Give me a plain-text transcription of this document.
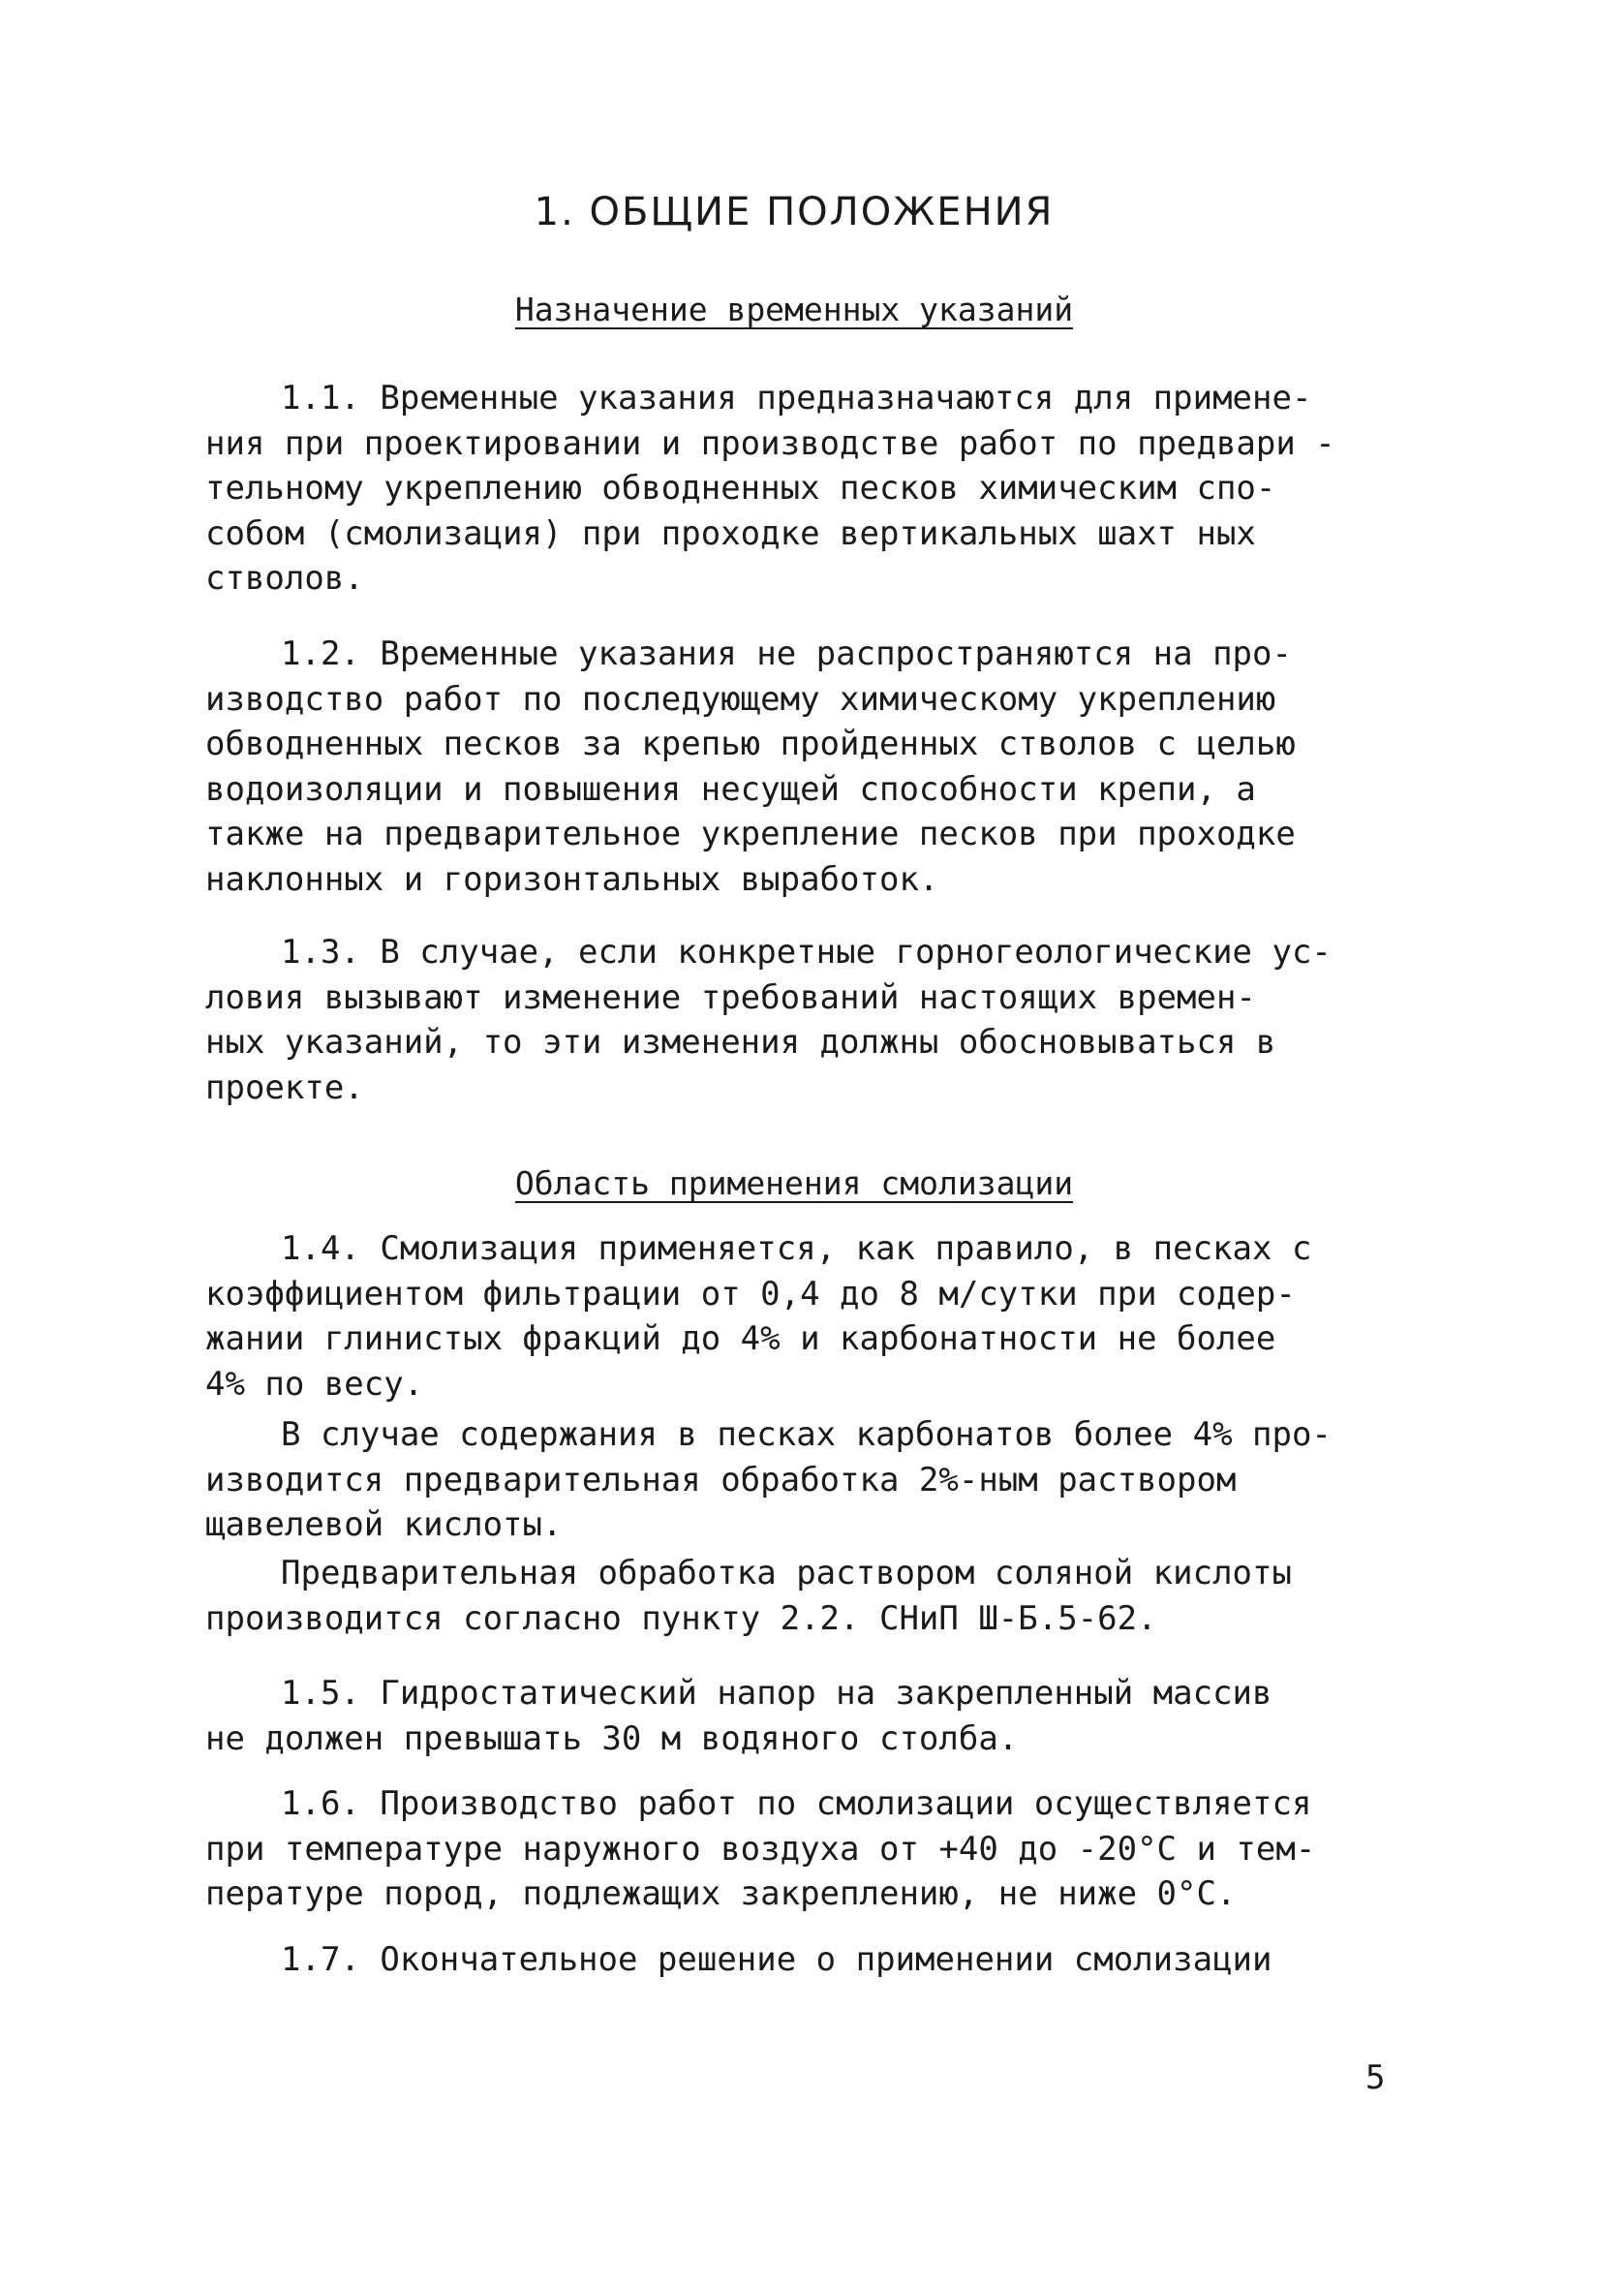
1. ОБЩИЕ ПОЛОЖЕНИЯ
Назначение временных указаний
1.1. Временные указания предназначаются для примене-
ния при проектировании и производстве работ по предвари -
тельному укреплению обводненных песков химическим спо-
собом (смолизация) при проходке вертикальных шахт ных
стволов.
1.2. Временные указания не распространяются на про-
изводство работ по последующему химическому укреплению
обводненных песков за крепью пройденных стволов с целью
водоизоляции и повышения несущей способности крепи, а
также на предварительное укрепление песков при проходке
наклонных и горизонтальных выработок.
1.3. В случае, если конкретные горногеологические ус-
ловия вызывают изменение требований настоящих времен-
ных указаний, то эти изменения должны обосновываться в
проекте.
Область применения смолизации
1.4. Смолизация применяется, как правило, в песках с
коэффициентом фильтрации от 0,4 до 8 м/сутки при содер-
жании глинистых фракций до 4% и карбонатности не более
4% по весу.
В случае содержания в песках карбонатов более 4% про-
изводится предварительная обработка 2%-ным раствором
щавелевой кислоты.
Предварительная обработка раствором соляной кислоты
производится согласно пункту 2.2. СНиП Ш-Б.5-62.
1.5. Гидростатический напор на закрепленный массив
не должен превышать 30 м водяного столба.
1.6. Производство работ по смолизации осуществляется
при температуре наружного воздуха от +40 до -20°С и тем-
пературе пород, подлежащих закреплению, не ниже 0°С.
1.7. Окончательное решение о применении смолизации
5
